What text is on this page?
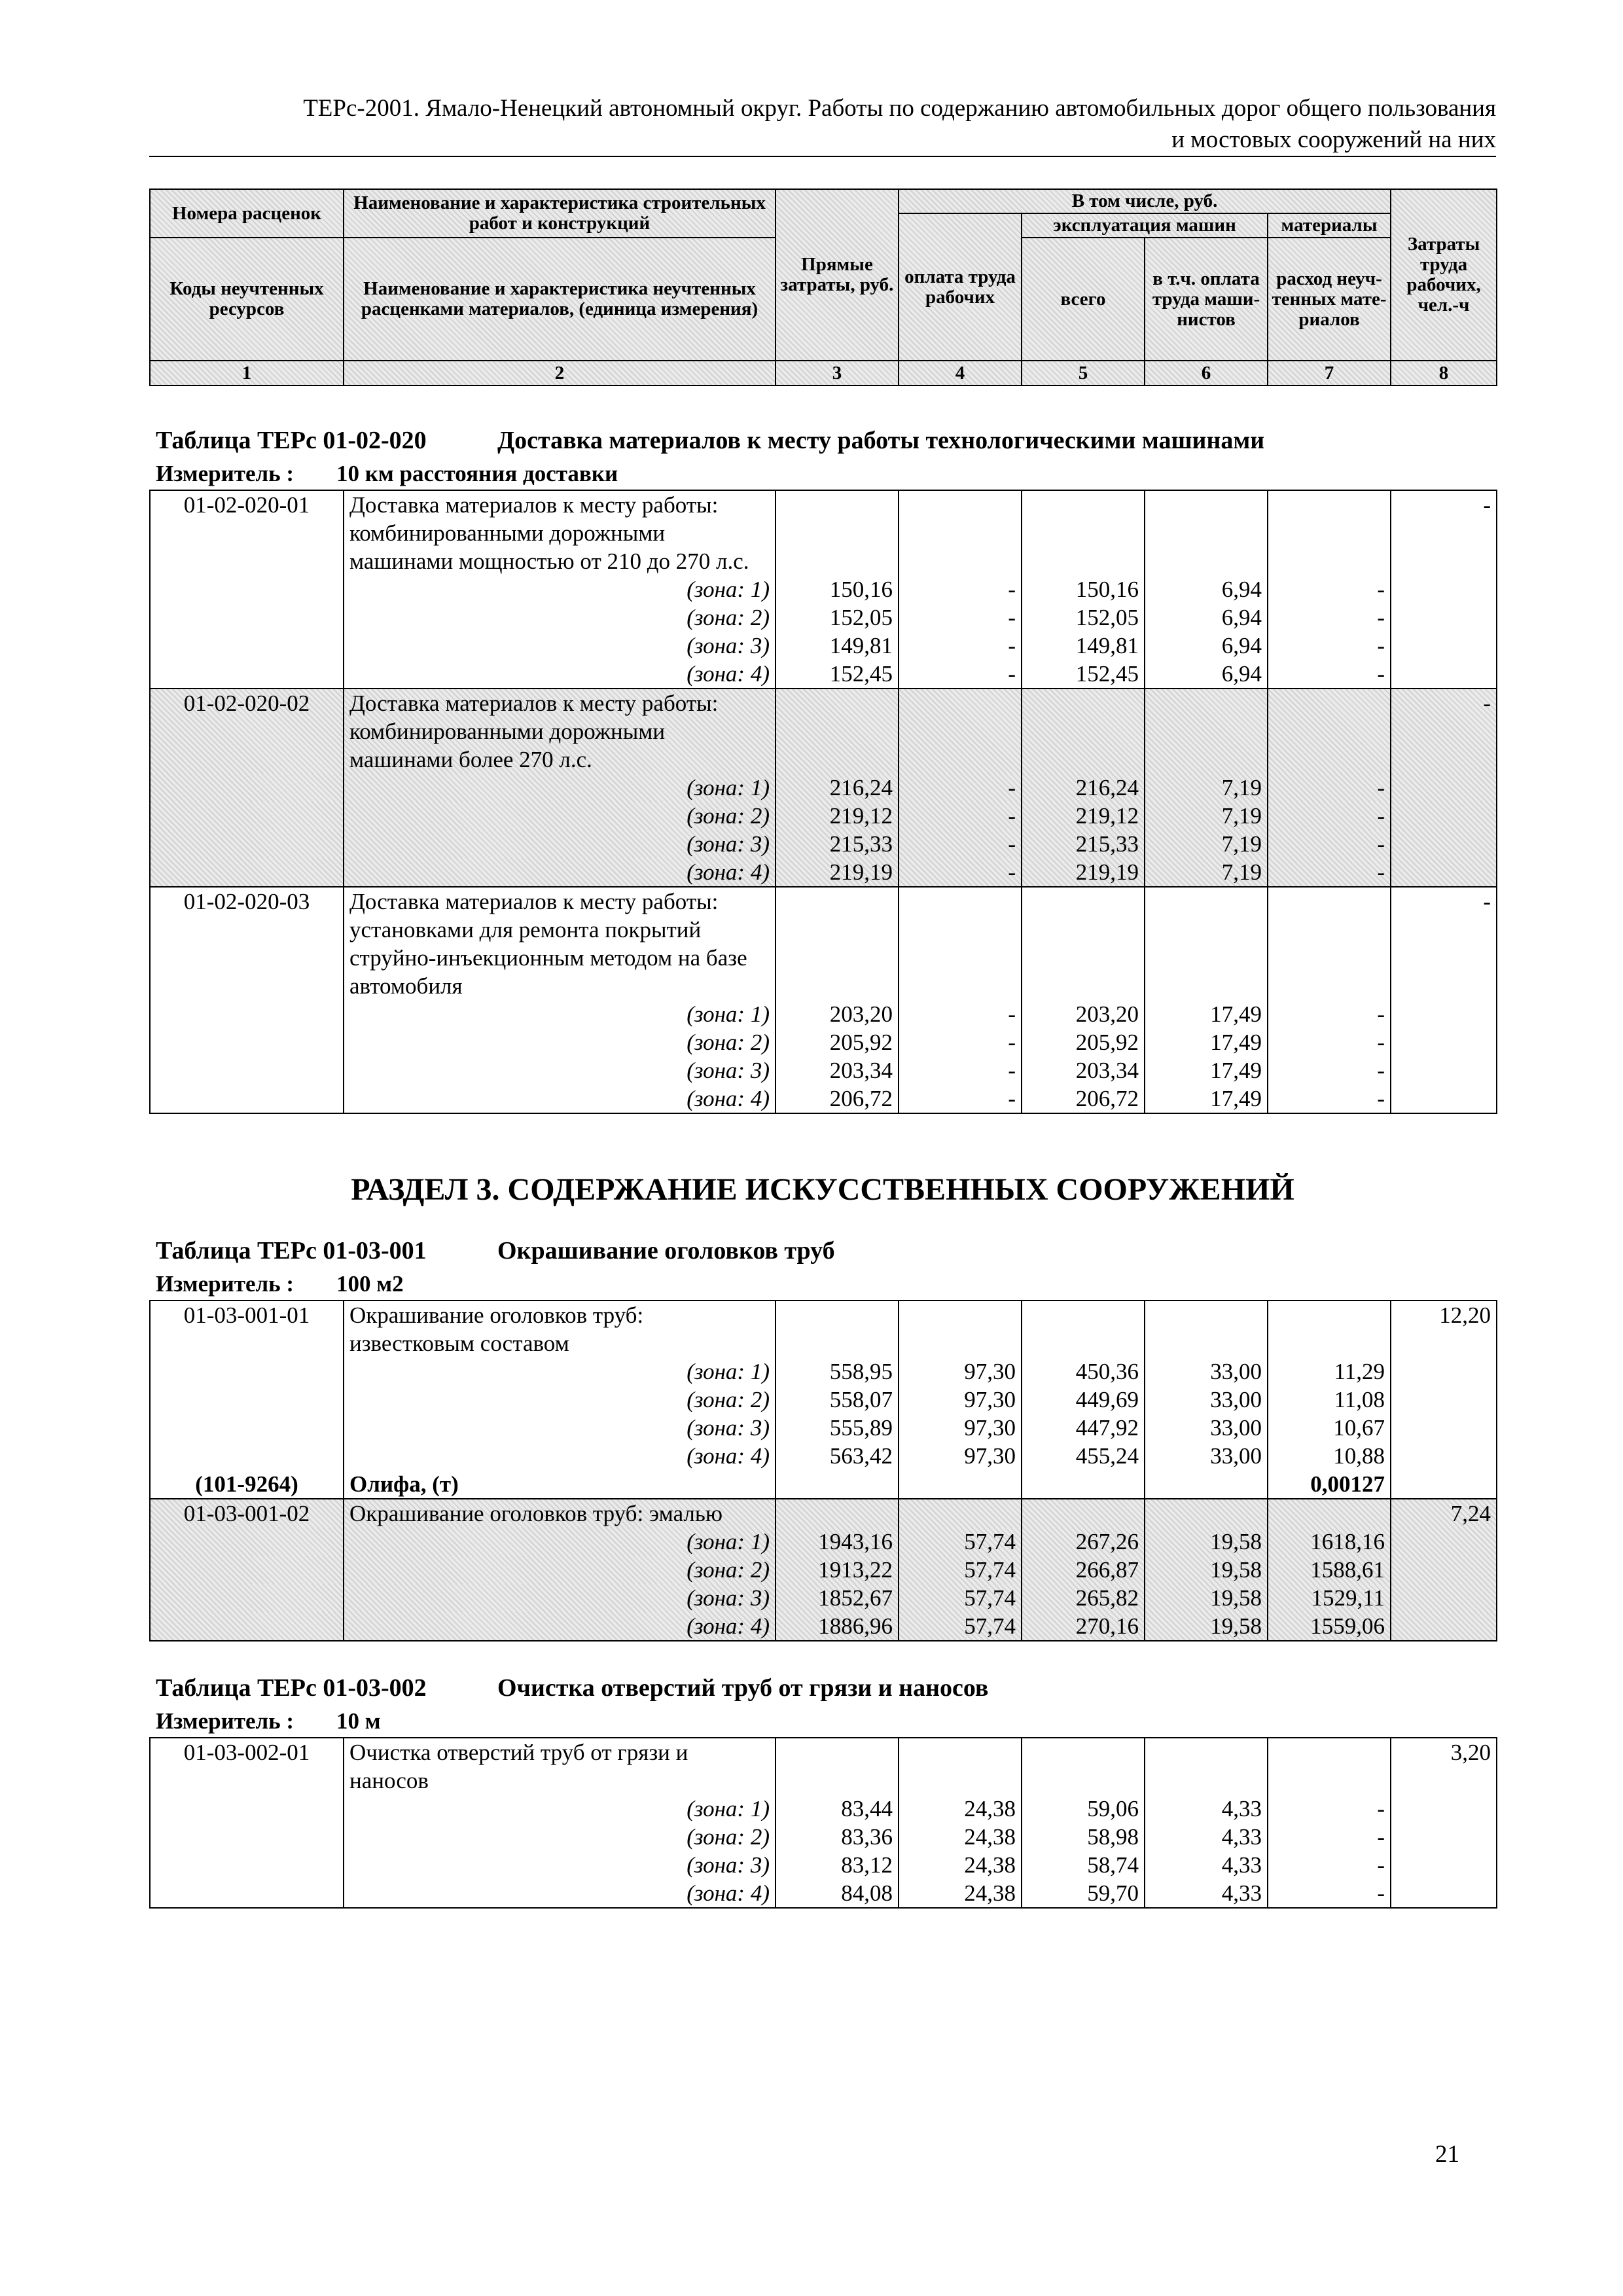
ТЕРс-2001. Ямало-Ненецкий автономный округ. Работы по содержанию автомобильных дорог общего пользования
и мостовых сооружений на них
Номера расценок	Наименование и характеристика строительных работ и конструкций	Прямые затраты, руб.	В том числе, руб.				Затраты труда рабочих, чел.-ч
			оплата труда рабочих	эксплуатация машин		материалы	
Коды неучтенных ресурсов	Наименование и характеристика неучтенных расценками материалов, (единица измерения)			всего	в т.ч. оплата труда маши-нистов	расход неуч-тенных мате-риалов	

1	2	3	4	5	6	7	8
Таблица ТЕРс 01-02-020	Доставка материалов к месту работы технологическими машинами
Измеритель : 10 км расстояния доставки
01-02-020-01	Доставка материалов к месту работы: комбинированными дорожными машинами мощностью от 210 до 270 л.с.						-
	(зона: 1)	150,16	-	150,16	6,94	-	
	(зона: 2)	152,05	-	152,05	6,94	-	
	(зона: 3)	149,81	-	149,81	6,94	-	
	(зона: 4)	152,45	-	152,45	6,94	-	
01-02-020-02	Доставка материалов к месту работы: комбинированными дорожными машинами более 270 л.с.						-
	(зона: 1)	216,24	-	216,24	7,19	-	
	(зона: 2)	219,12	-	219,12	7,19	-	
	(зона: 3)	215,33	-	215,33	7,19	-	
	(зона: 4)	219,19	-	219,19	7,19	-	
01-02-020-03	Доставка материалов к месту работы: установками для ремонта покрытий струйно-инъекционным методом на базе автомобиля						-
	(зона: 1)	203,20	-	203,20	17,49	-	
	(зона: 2)	205,92	-	205,92	17,49	-	
	(зона: 3)	203,34	-	203,34	17,49	-	
	(зона: 4)	206,72	-	206,72	17,49	-	
РАЗДЕЛ 3. СОДЕРЖАНИЕ ИСКУССТВЕННЫХ СООРУЖЕНИЙ
Таблица ТЕРс 01-03-001	Окрашивание оголовков труб
Измеритель : 100 м2
01-03-001-01	Окрашивание оголовков труб: известковым составом						12,20
	(зона: 1)	558,95	97,30	450,36	33,00	11,29	
	(зона: 2)	558,07	97,30	449,69	33,00	11,08	
	(зона: 3)	555,89	97,30	447,92	33,00	10,67	
	(зона: 4)	563,42	97,30	455,24	33,00	10,88	
(101-9264)	Олифа, (т)					0,00127	
01-03-001-02	Окрашивание оголовков труб: эмалью						7,24
	(зона: 1)	1943,16	57,74	267,26	19,58	1618,16	
	(зона: 2)	1913,22	57,74	266,87	19,58	1588,61	
	(зона: 3)	1852,67	57,74	265,82	19,58	1529,11	
	(зона: 4)	1886,96	57,74	270,16	19,58	1559,06	
Таблица ТЕРс 01-03-002	Очистка отверстий труб от грязи и наносов
Измеритель : 10 м
01-03-002-01	Очистка отверстий труб от грязи и наносов						3,20
	(зона: 1)	83,44	24,38	59,06	4,33	-	
	(зона: 2)	83,36	24,38	58,98	4,33	-	
	(зона: 3)	83,12	24,38	58,74	4,33	-	
	(зона: 4)	84,08	24,38	59,70	4,33	-	
21
